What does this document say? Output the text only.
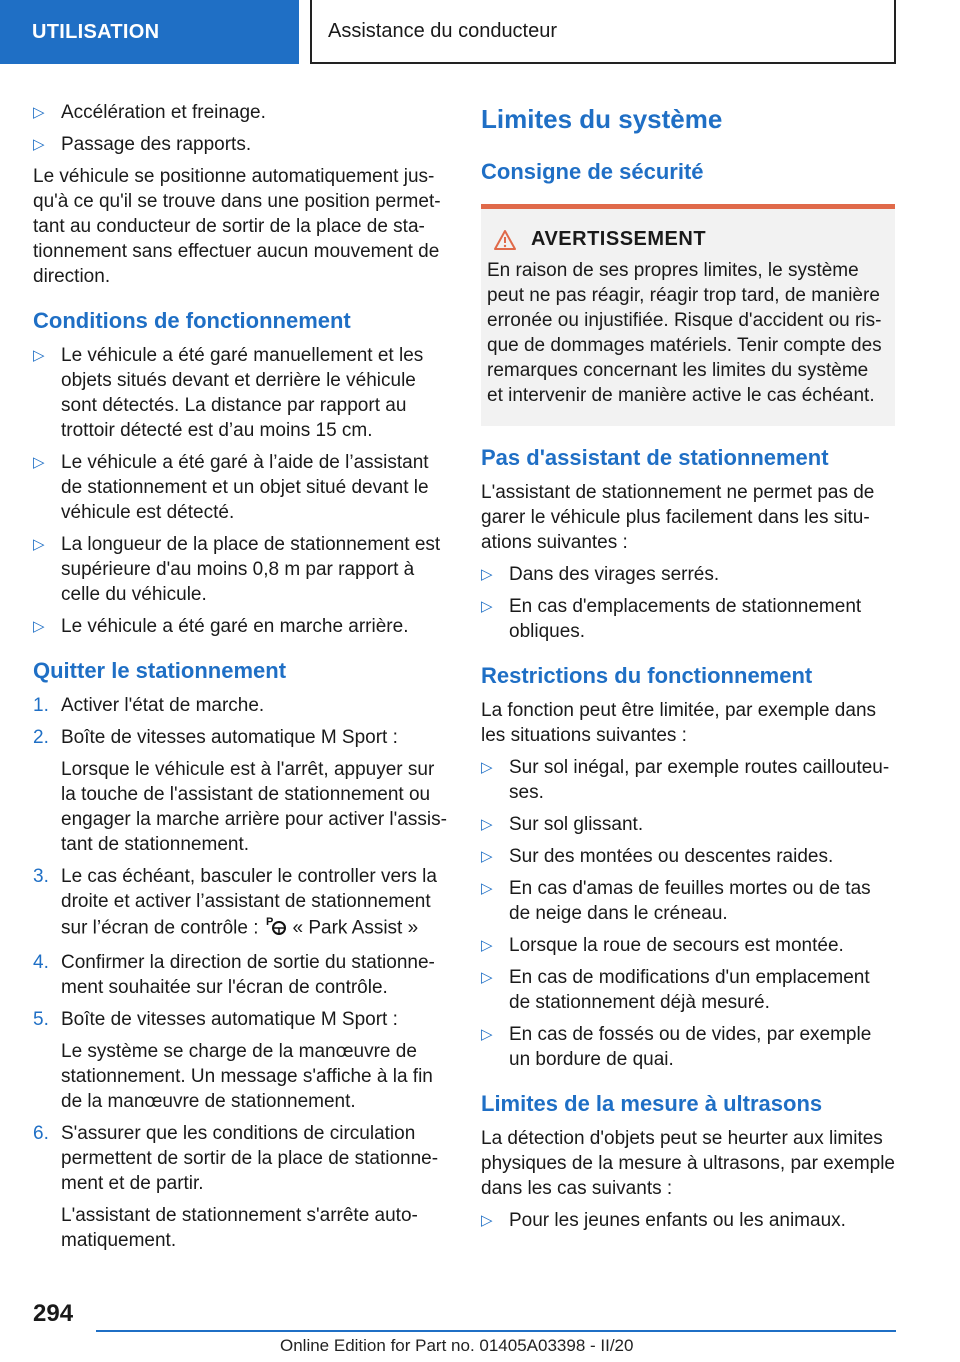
UTILISATION	Assistance du conducteur
▷ Accélération et freinage.
▷ Passage des rapports.

Le véhicule se positionne automatiquement jusqu'à ce qu'il se trouve dans une position permettant au conducteur de sortir de la place de stationnement sans effectuer aucun mouvement de direction.

Conditions de fonctionnement
▷ Le véhicule a été garé manuellement et les objets situés devant et derrière le véhicule sont détectés. La distance par rapport au trottoir détecté est d’au moins 15 cm.
▷ Le véhicule a été garé à l’aide de l’assistant de stationnement et un objet situé devant le véhicule est détecté.
▷ La longueur de la place de stationnement est supérieure d'au moins 0,8 m par rapport à celle du véhicule.
▷ Le véhicule a été garé en marche arrière.
Quitter le stationnement
1. Activer l'état de marche.
2. Boîte de vitesses automatique M Sport :
Lorsque le véhicule est à l'arrêt, appuyer sur la touche de l'assistant de stationnement ou engager la marche arrière pour activer l'assistant de stationnement.
3. Le cas échéant, basculer le controller vers la droite et activer l’assistant de stationnement sur l’écran de contrôle : P « Park Assist »
4. Confirmer la direction de sortie du stationnement souhaitée sur l'écran de contrôle.
5. Boîte de vitesses automatique M Sport :
Le système se charge de la manœuvre de stationnement. Un message s'affiche à la fin de la manœuvre de stationnement.
6. S'assurer que les conditions de circulation permettent de sortir de la place de stationnement et de partir.
L'assistant de stationnement s'arrête automatiquement.
Limites du système
Consigne de sécurité
AVERTISSEMENT
En raison de ses propres limites, le système peut ne pas réagir, réagir trop tard, de manière erronée ou injustifiée. Risque d'accident ou risque de dommages matériels. Tenir compte des remarques concernant les limites du système et intervenir de manière active le cas échéant.
Pas d'assistant de stationnement

L'assistant de stationnement ne permet pas de garer le véhicule plus facilement dans les situations suivantes :

▷ Dans des virages serrés.
▷ En cas d'emplacements de stationnement obliques.
Restrictions du fonctionnement

La fonction peut être limitée, par exemple dans les situations suivantes :

▷ Sur sol inégal, par exemple routes caillouteuses.
▷ Sur sol glissant.
▷ Sur des montées ou descentes raides.
▷ En cas d'amas de feuilles mortes ou de tas de neige dans le créneau.
▷ Lorsque la roue de secours est montée.
▷ En cas de modifications d'un emplacement de stationnement déjà mesuré.
▷ En cas de fossés ou de vides, par exemple un bordure de quai.
Limites de la mesure à ultrasons

La détection d'objets peut se heurter aux limites physiques de la mesure à ultrasons, par exemple dans les cas suivants :

▷ Pour les jeunes enfants ou les animaux.
294
Online Edition for Part no. 01405A03398 - II/20
